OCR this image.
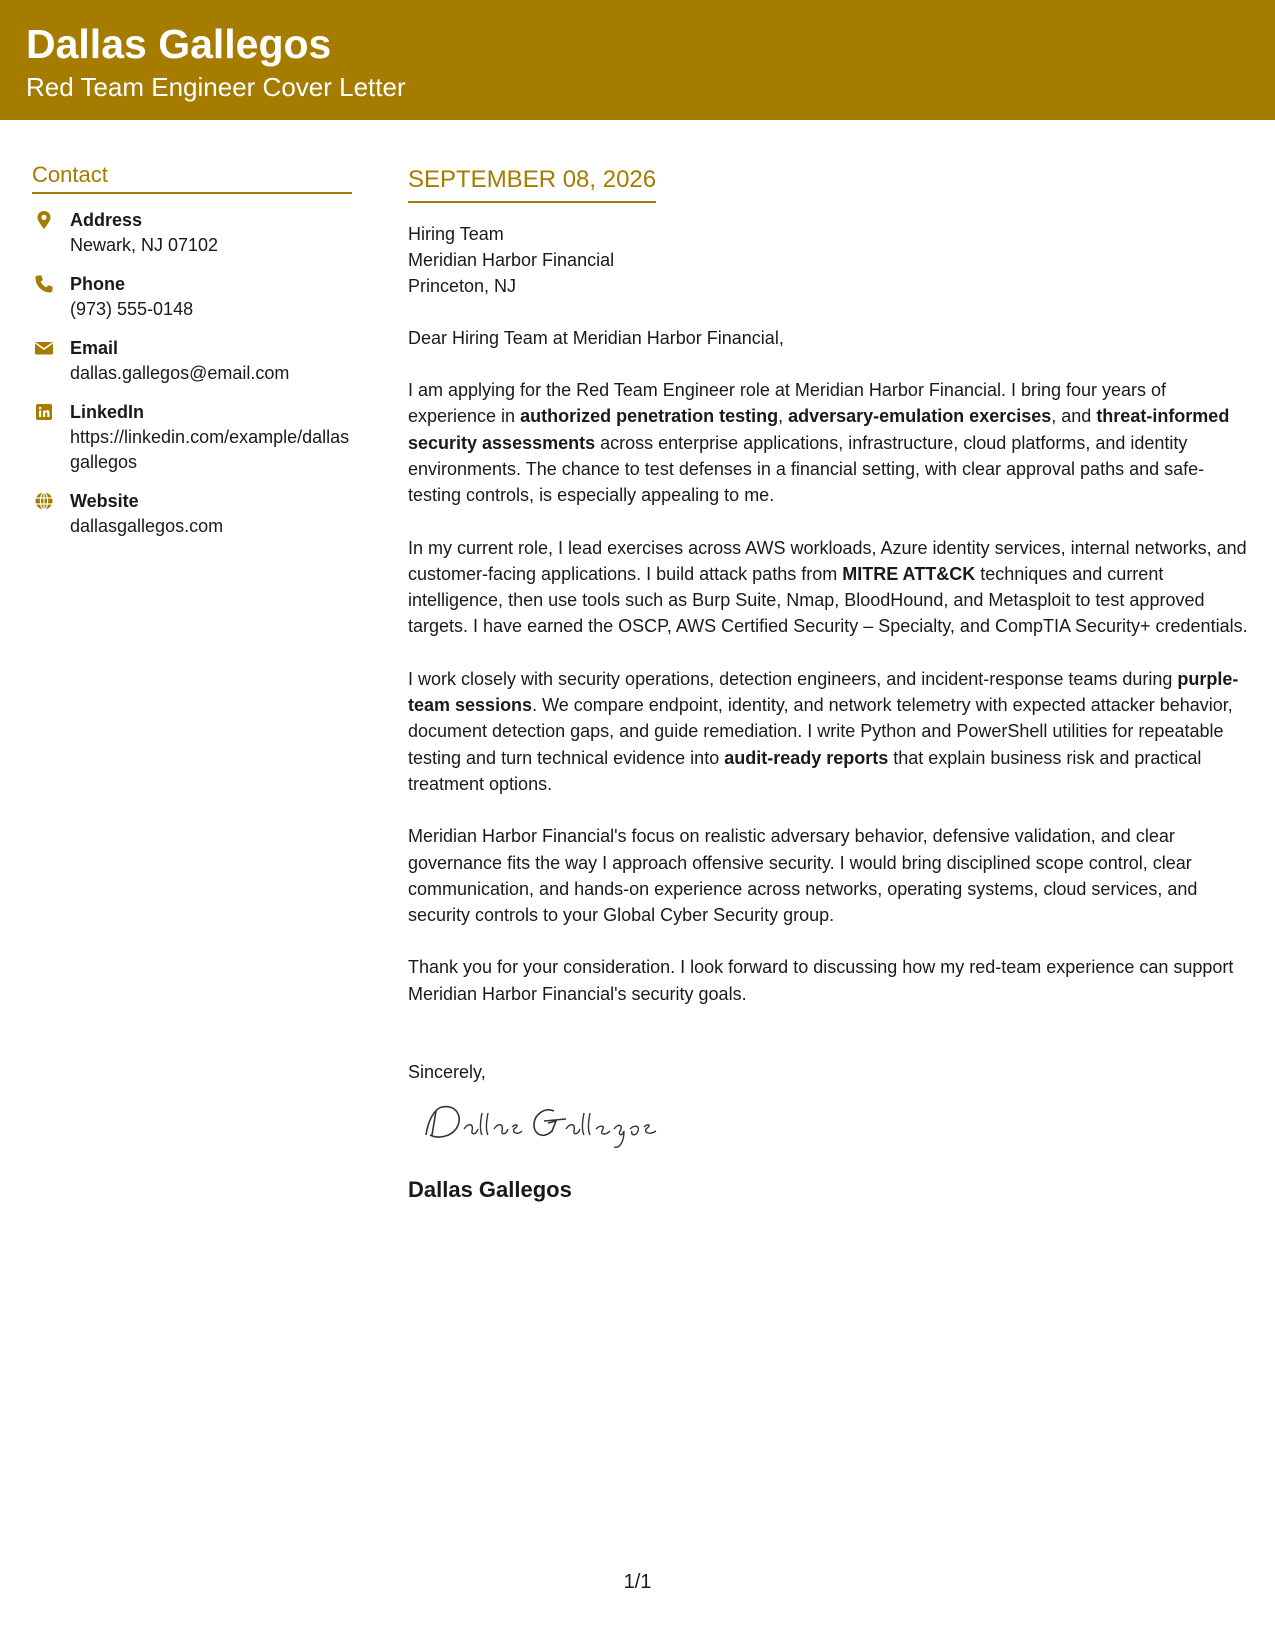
Dallas Gallegos
Red Team Engineer Cover Letter
Contact
Address
Newark, NJ 07102
Phone
(973) 555-0148
Email
dallas.gallegos@email.com
LinkedIn
https://linkedin.com/example/dallasgallegos
Website
dallasgallegos.com
SEPTEMBER 08, 2026
Hiring Team
Meridian Harbor Financial
Princeton, NJ

Dear Hiring Team at Meridian Harbor Financial,

I am applying for the Red Team Engineer role at Meridian Harbor Financial. I bring four years of experience in authorized penetration testing, adversary-emulation exercises, and threat-informed security assessments across enterprise applications, infrastructure, cloud platforms, and identity environments. The chance to test defenses in a financial setting, with clear approval paths and safe-testing controls, is especially appealing to me.

In my current role, I lead exercises across AWS workloads, Azure identity services, internal networks, and customer-facing applications. I build attack paths from MITRE ATT&CK techniques and current intelligence, then use tools such as Burp Suite, Nmap, BloodHound, and Metasploit to test approved targets. I have earned the OSCP, AWS Certified Security – Specialty, and CompTIA Security+ credentials.

I work closely with security operations, detection engineers, and incident-response teams during purple-team sessions. We compare endpoint, identity, and network telemetry with expected attacker behavior, document detection gaps, and guide remediation. I write Python and PowerShell utilities for repeatable testing and turn technical evidence into audit-ready reports that explain business risk and practical treatment options.

Meridian Harbor Financial's focus on realistic adversary behavior, defensive validation, and clear governance fits the way I approach offensive security. I would bring disciplined scope control, clear communication, and hands-on experience across networks, operating systems, cloud services, and security controls to your Global Cyber Security group.

Thank you for your consideration. I look forward to discussing how my red-team experience can support Meridian Harbor Financial's security goals.

Sincerely,

Dallas Gallegos
1/1
